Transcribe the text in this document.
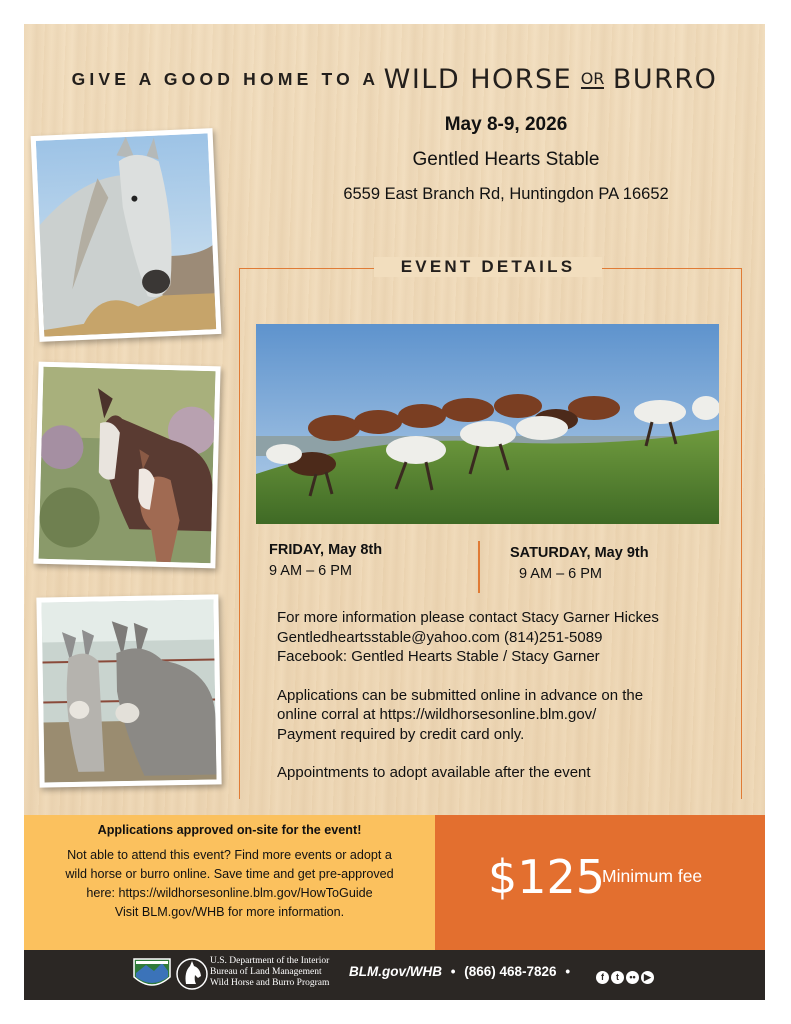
GIVE A GOOD HOME TO A WILD HORSE OR BURRO
May 8-9, 2026
Gentled Hearts Stable
6559 East Branch Rd, Huntingdon PA 16652
EVENT DETAILS
FRIDAY, May 8th
9 AM – 6 PM
SATURDAY, May 9th
9 AM – 6 PM

For more information please contact Stacy Garner Hickes

Gentledheartsstable@yahoo.com (814)251-5089

Facebook: Gentled Hearts Stable / Stacy Garner

Applications can be submitted online in advance on the

online corral at https://wildhorsesonline.blm.gov/

Payment required by credit card only.

Appointments to adopt available after the event

Applications approved on-site for the event!
Not able to attend this event? Find more events or adopt a
wild horse or burro online. Save time and get pre-approved
here: https://wildhorsesonline.blm.gov/HowToGuide
Visit BLM.gov/WHB for more information.
$125
Minimum fee
U.S. Department of the Interior
Bureau of Land Management
Wild Horse and Burro Program
BLM.gov/WHB • (866) 468-7826 •	f t •• ▶
